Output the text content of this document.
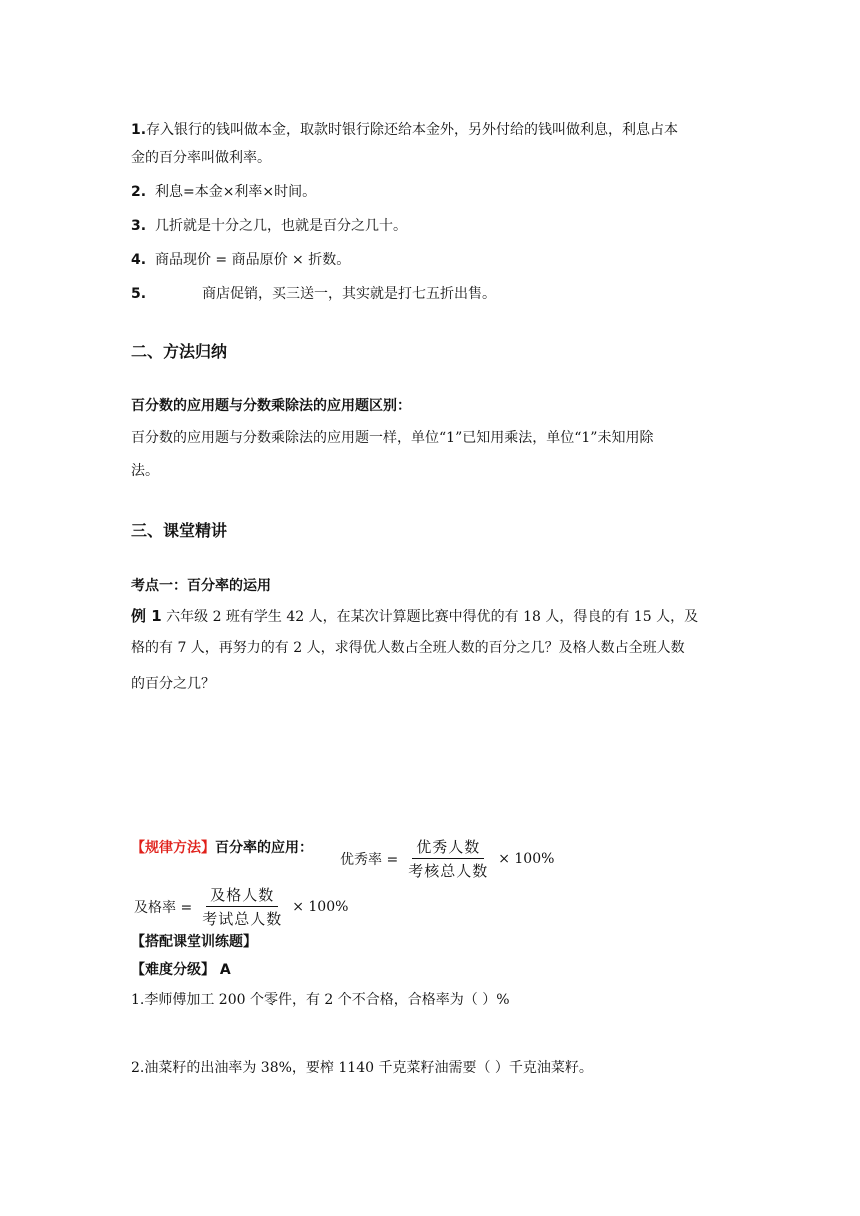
1.存入银行的钱叫做本金，取款时银行除还给本金外，另外付给的钱叫做利息，利息占本
金的百分率叫做利率。
2. 利息=本金×利率×时间。
3. 几折就是十分之几，也就是百分之几十。
4. 商品现价 = 商品原价 × 折数。
5.	商店促销，买三送一，其实就是打七五折出售。
二、方法归纳
百分数的应用题与分数乘除法的应用题区别：
百分数的应用题与分数乘除法的应用题一样，单位“1”已知用乘法，单位“1”未知用除
法。
三、课堂精讲
考点一：百分率的运用
例 1 六年级 2 班有学生 42 人，在某次计算题比赛中得优的有 18 人，得良的有 15 人，及
格的有 7 人，再努力的有 2 人，求得优人数占全班人数的百分之几？及格人数占全班人数
的百分之几？
【规律方法】百分率的应用：
优秀率 = $\frac{\text{优秀人数}}{\text{考核总人数}} \times 100\%$
及格率 = $\frac{\text{及格人数}}{\text{考试总人数}} \times 100\%$
【搭配课堂训练题】
【难度分级】 A
1.李师傅加工 200 个零件，有 2 个不合格，合格率为（ ）%
2.油菜籽的出油率为 38%，要榨 1140 千克菜籽油需要（ ）千克油菜籽。
